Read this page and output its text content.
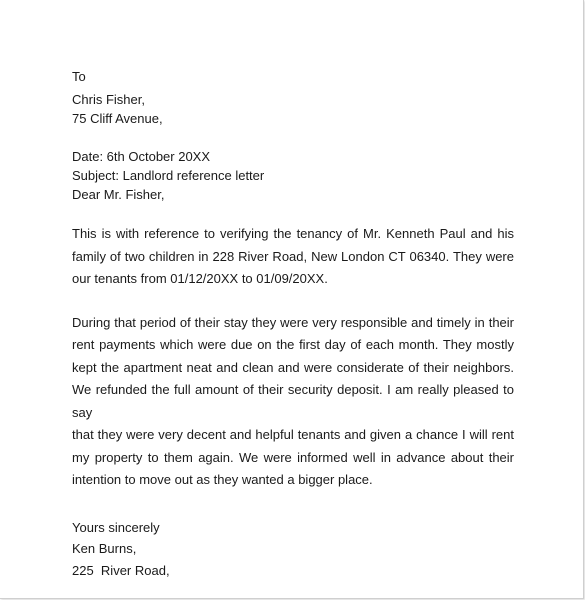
To
Chris Fisher,
75 Cliff Avenue,
Date: 6th October 20XX
Subject: Landlord reference letter
Dear Mr. Fisher,
This is with reference to verifying the tenancy of Mr. Kenneth Paul and his
family of two children in 228 River Road, New London CT 06340. They were
our tenants from 01/12/20XX to 01/09/20XX.
During that period of their stay they were very responsible and timely in their
rent payments which were due on the first day of each month. They mostly
kept the apartment neat and clean and were considerate of their neighbors.
We refunded the full amount of their security deposit. I am really pleased to say
that they were very decent and helpful tenants and given a chance I will rent
my property to them again. We were informed well in advance about their
intention to move out as they wanted a bigger place.
Yours sincerely
Ken Burns,
225  River Road,
